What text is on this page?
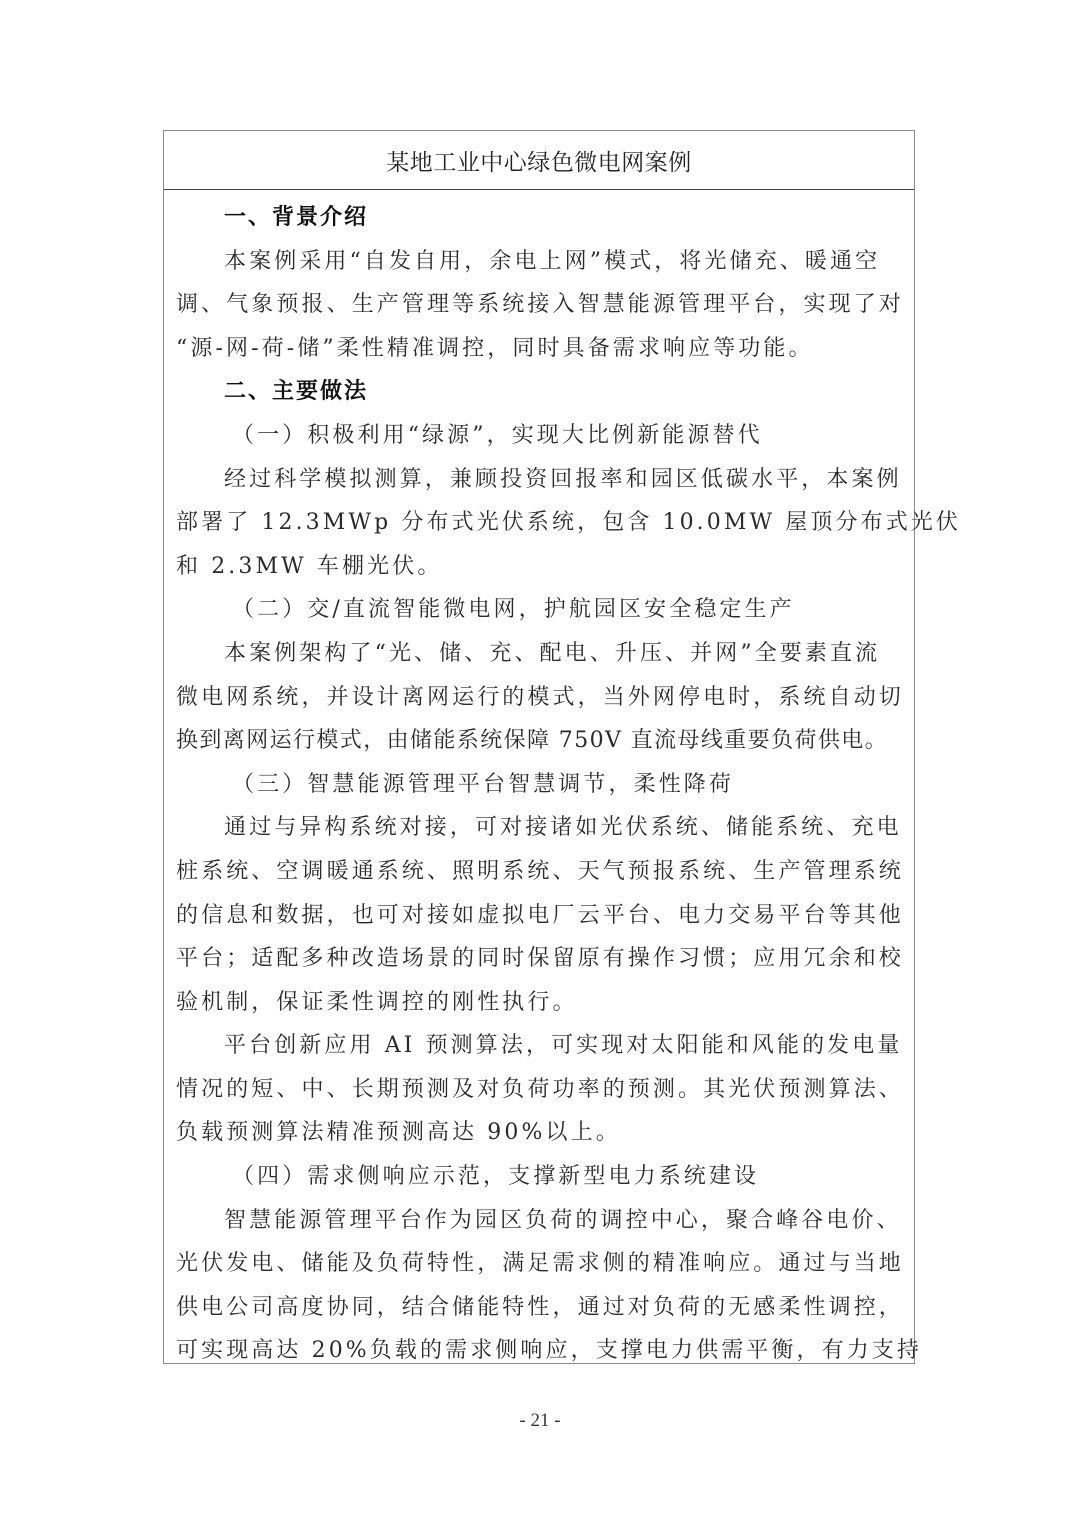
某地工业中心绿色微电网案例
一、背景介绍
本案例采用“自发自用，余电上网”模式，将光储充、暖通空
调、气象预报、生产管理等系统接入智慧能源管理平台，实现了对
“源-网-荷-储”柔性精准调控，同时具备需求响应等功能。
二、主要做法
（一）积极利用“绿源”，实现大比例新能源替代
经过科学模拟测算，兼顾投资回报率和园区低碳水平，本案例
部署了 12.3MWp 分布式光伏系统，包含 10.0MW 屋顶分布式光伏
和 2.3MW 车棚光伏。
（二）交/直流智能微电网，护航园区安全稳定生产
本案例架构了“光、储、充、配电、升压、并网”全要素直流
微电网系统，并设计离网运行的模式，当外网停电时，系统自动切
换到离网运行模式，由储能系统保障 750V 直流母线重要负荷供电。
（三）智慧能源管理平台智慧调节，柔性降荷
通过与异构系统对接，可对接诸如光伏系统、储能系统、充电
桩系统、空调暖通系统、照明系统、天气预报系统、生产管理系统
的信息和数据，也可对接如虚拟电厂云平台、电力交易平台等其他
平台；适配多种改造场景的同时保留原有操作习惯；应用冗余和校
验机制，保证柔性调控的刚性执行。
平台创新应用 AI 预测算法，可实现对太阳能和风能的发电量
情况的短、中、长期预测及对负荷功率的预测。其光伏预测算法、
负载预测算法精准预测高达 90%以上。
（四）需求侧响应示范，支撑新型电力系统建设
智慧能源管理平台作为园区负荷的调控中心，聚合峰谷电价、
光伏发电、储能及负荷特性，满足需求侧的精准响应。通过与当地
供电公司高度协同，结合储能特性，通过对负荷的无感柔性调控，
可实现高达 20%负载的需求侧响应，支撑电力供需平衡，有力支持
- 21 -
